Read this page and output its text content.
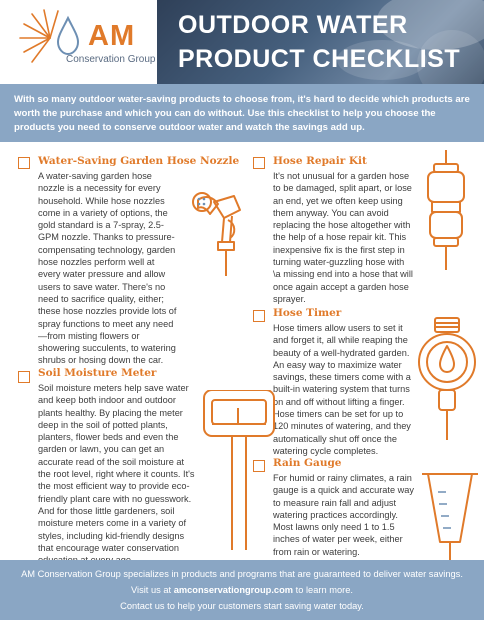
AM
Conservation Group
OUTDOOR WATER
PRODUCT CHECKLIST

With so many outdoor water-saving products to choose from, it's hard to decide which products are worth the purchase and which you can do without. Use this checklist to help you choose the products you need to conserve outdoor water and watch the savings add up.

Water-Saving Garden Hose Nozzle

A water-saving garden hose nozzle is a necessity for every household. While hose nozzles come in a variety of options, the gold standard is a 7-spray, 2.5-GPM nozzle. Thanks to pressure-compensating technology, garden hose nozzles perform well at every water pressure and allow users to save water. There's no need to sacrifice quality, either; these hose nozzles provide lots of spray functions to meet any need—from misting flowers or showering succulents, to watering shrubs or hosing down the car.

Hose Repair Kit

It's not unusual for a garden hose to be damaged, split apart, or lose an end, yet we often keep using them anyway. You can avoid replacing the hose altogether with the help of a hose repair kit. This inexpensive fix is the first step in turning water-guzzling hose with \a missing end into a hose that will once again accept a garden hose sprayer.

Hose Timer

Hose timers allow users to set it and forget it, all while reaping the beauty of a well-hydrated garden. An easy way to maximize water savings, these timers come with a built-in watering system that turns on and off without lifting a finger. Hose timers can be set for up to 120 minutes of watering, and they automatically shut off once the watering cycle completes.

Soil Moisture Meter

Soil moisture meters help save water and keep both indoor and outdoor plants healthy. By placing the meter deep in the soil of potted plants, planters, flower beds and even the garden or lawn, you can get an accurate read of the soil moisture at the root level, right where it counts. It's the most efficient way to provide eco-friendly plant care with no guesswork. And for those little gardeners, soil moisture meters come in a variety of styles, including kid-friendly designs that encourage water conservation

Rain Gauge

For humid or rainy climates, a rain gauge is a quick and accurate way to measure rain fall and adjust watering practices accordingly. Most lawns only need 1 to 1.5 inches of water per week, either from rain or watering.

AM Conservation Group specializes in products and programs that are guaranteed to deliver water savings.
Visit us at amconservationgroup.com to learn more.
Contact us to help your customers start saving water today.
